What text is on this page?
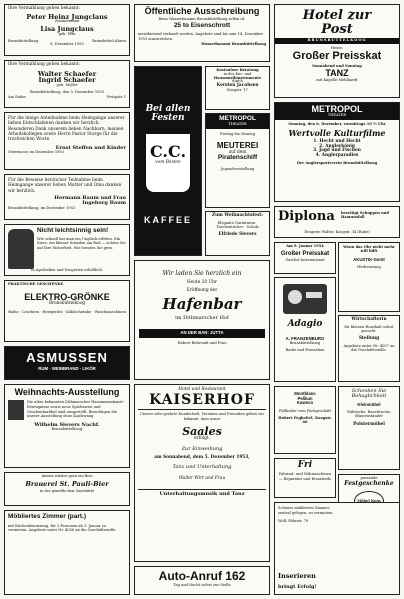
Ihre Vermählung geben bekannt:
Peter Heinz Jungclaus
Zimmermann
Lisa Jungclaus
geb. Pein
Brunsbüttelkoog	Brunsbüttel-Ahren
8. Dezember 1953
Ihre Vermählung geben bekannt:
Walter Schaefer
Ingrid Schaefer
geb. Moller
Brunsbüttelkoog, den 5. Dezember 1953
Am Stabe	Festpatz 1
Für die innige Anteilnahme beim Heimgange unserer lieben Entschlafenen danken wir herzlich. Besonderen Dank unserem lieben Nachbarn, meinen Arbeitskollegen sowie Herrn Pastor Storge für die trostreichen Worte.
Ernst Steffen und Kinder
Ostermoor, im Dezember 1953
Für die Beweise herzlicher Teilnahme beim Heimgange unserer lieben Mutter und Oma danken wir herzlich.
Hermann Baum und Frau
Ingeborg Baum
Brunsbüttelkoog, im Dezember 1953
Nicht leichtsinnig sein!
Wie schnell hat man ein Unglück erlitten. Ein Sturz, ein kleiner Schaden am Rad — achten Sie auf Ihre Sicherheit. Wir beraten Sie gern.
In Apotheken und Drogerien erhältlich.
PRAKTISCHE GESCHENKE
ELEKTRO-GRÖNKE
Brunsbüttelkoog
Radio · Leuchten · Heizgeräte · Kühlschränke · Waschmaschinen
ASMUSSEN
RUM · WEINBRAND · LIKÖR
Weihnachts-Ausstellung
Die alten bekannten Dithmarscher Hausmannskunst-Erzeugnisse sowie neue Spielwaren und Geschenkartikel sind ausgestellt. Besichtigen Sie unsere Ausstellung ohne Kaufzwang.
Wilhelm Sievers Nachf.
Brunsbüttelkoog
Immer wieder gern ein Bier
Brauerei St. Pauli-Bier
in der gemütlichen Gaststätte
Möbliertes Zimmer (part.)
mit Küchenbenutzung, für 2 Personen ab 1. Januar zu vermieten. Angebote unter Nr. 4056 an die Geschäftsstelle.
Öffentliche Ausschreibung
Beim Wasserbauamt Brunsbüttelkoog sollen rd.
25 to Eisenschrott
meistbietend verkauft werden. Angebote sind bis zum 14. Dezember 1953 einzureichen.
Wasserbauamt Brunsbüttelkoog
Bei allen Festen
C.C.
vom Besten
KAFFEE
Kostenlose Beratung
in der Kur- und
Hausmusikinstrumente
durch
Kersten Jacobsen
Koogstr. 17
METROPOL
THEATER
Freitag bis Montag
MEUTEREI
auf dem
Piratenschiff
Jugendvorstellung
Zum Weihnachtsfest:
Elegante Garnituren · Taschentücher · Schals
Elfriede Sievers
Wir laden Sie herzlich ein
Heute 20 Uhr
Eröffnung der
Hafenbar
im Dithmarscher Hof
AN DER BAR: JUTTA
Hubert Behrendt und Frau
Hotel und Restaurant
KAISERHOF
Unsere sehr geehrte Kundschaft, Vereinen und Freunden geben wir bekannt, dass unser
Saales
erfolgt.
Zur Einweihung
am Sonnabend, dem 5. Dezember 1953,
Tanz und Unterhaltung
Walter Wirt und Frau
Unterhaltungsmusik und Tanz
Auto-Anruf 162
Tag und Nacht sofort zur Stelle
Hotel zur
Post
BRUNSBÜTTELKOOG
Heute:
Großer Preisskat
Sonnabend und Sonntag
TANZ
mit Kapelle Mehlhardt
METROPOL
THEATER
Sonntag, den 6. Dezember, vormittags 10 ½ Uhr
Wertvolle Kulturfilme
1. Hecht und Hecht
2. Anglerkönig
3. Jagd und Fischen
4. Anglerparadies
Der Anglersportverein Brunsbüttelkoog
Diplona beseitigt Schuppen und Haarausfall
Drogerie Walter, Koogstr. 34 (Ruhe)
Am 9. Januar 1954
Großer Preisskat
Gasthof International
Wenn das Ohr nicht mehr will hilft
AKUSTIK-Gerät
Hörberatung
Adagio
A. FRANZENBURG
Brunsbüttelkoog
Radio und Fernsehen
Wirtschafterin
für kleinen Haushalt sofort gesucht.
Stellung
Angebote unter Nr. 4057 an die Geschäftsstelle.
Schenken Sie
Behaglichkeit
Kleinmöbel
Nähtische, Rauchtische, Blumenständer
Polstermöbel
Montblanc
Pelikan
Kaweco
Füllhalter vom Fachgeschäft
Hubert Fegbeitel, Koogstr. 66
Fri
Fahrrad- und Nähmaschinen — Reparatur und Ersatzteile	passende
Festgeschenke
Schönes möbliertes Zimmer, zentral gelegen, zu vermieten.
Wolf, Fährstr. 79
Inserieren
bringt Erfolg!
